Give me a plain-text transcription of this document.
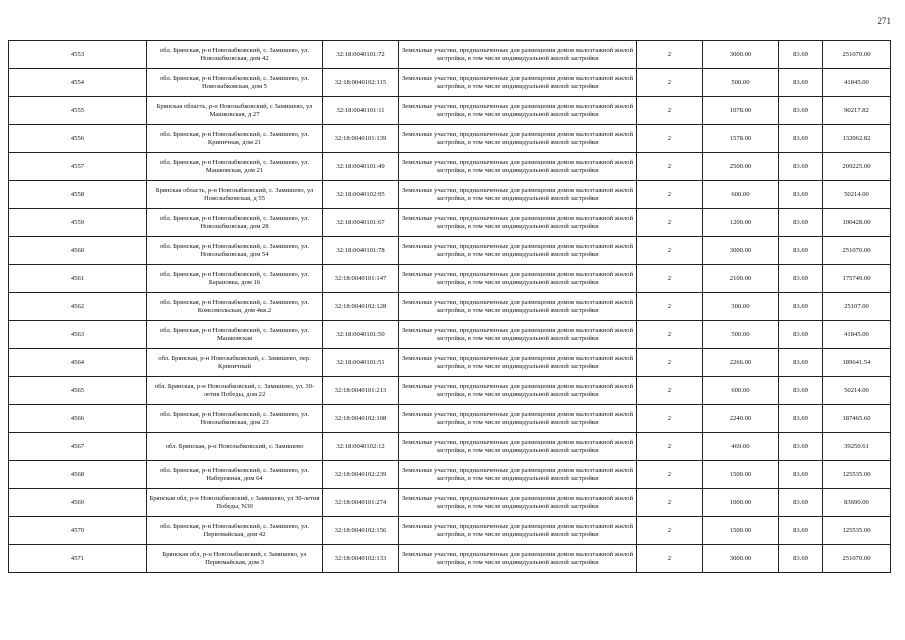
271
4553	обл. Брянская, р-н Новозыбковский, с. Замишево, ул. Новозыбковская, дом 42	32:18:0040101:72	Земельные участки, предназначенные для размещения домов малоэтажной жилой застройки, в том числе индивидуальной жилой застройки	2	3000.00	83.69	251070.00
4554	обл. Брянская, р-н Новозыбковский, с. Замишево, ул. Новозыбковская, дом 5	32:18:0040102:115	Земельные участки, предназначенные для размещения домов малоэтажной жилой застройки, в том числе индивидуальной жилой застройки	2	500.00	83.69	41845.00
4555	Брянская область, р-н Новозыбковский, с Замишево, ул Машковская, д 27	32:18:0040101:11	Земельные участки, предназначенные для размещения домов малоэтажной жилой застройки, в том числе индивидуальной жилой застройки	2	1078.00	83.69	90217.82
4556	обл. Брянская, р-н Новозыбковский, с. Замишево, ул. Криничная, дом 21	32:18:0040101:139	Земельные участки, предназначенные для размещения домов малоэтажной жилой застройки, в том числе индивидуальной жилой застройки	2	1578.00	83.69	132062.82
4557	обл. Брянская, р-н Новозыбковский, с. Замишево, ул. Машковская, дом 21	32:18:0040101:49	Земельные участки, предназначенные для размещения домов малоэтажной жилой застройки, в том числе индивидуальной жилой застройки	2	2500.00	83.69	209225.00
4558	Брянская область, р-н Новозыбковский, с. Замишево, ул Новозыбковская, д 55	32:18:0040102:95	Земельные участки, предназначенные для размещения домов малоэтажной жилой застройки, в том числе индивидуальной жилой застройки	2	600.00	83.69	50214.00
4559	обл. Брянская, р-н Новозыбковский, с. Замишево, ул. Новозыбковская, дом 28	32:18:0040101:67	Земельные участки, предназначенные для размещения домов малоэтажной жилой застройки, в том числе индивидуальной жилой застройки	2	1200.00	83.69	100428.00
4560	обл. Брянская, р-н Новозыбковский, с. Замишево, ул. Новозыбковская, дом 54	32:18:0040101:78	Земельные участки, предназначенные для размещения домов малоэтажной жилой застройки, в том числе индивидуальной жилой застройки	2	3000.00	83.69	251070.00
4561	обл. Брянская, р-н Новозыбковский, с. Замишево, ул. Барановка, дом 16	32:18:0040101:147	Земельные участки, предназначенные для размещения домов малоэтажной жилой застройки, в том числе индивидуальной жилой застройки	2	2100.00	83.69	175749.00
4562	обл. Брянская, р-н Новозыбковский, с. Замишево, ул. Комсомольская, дом 4кв.2	32:18:0040102:128	Земельные участки, предназначенные для размещения домов малоэтажной жилой застройки, в том числе индивидуальной жилой застройки	2	300.00	83.69	25107.00
4563	обл. Брянская, р-н Новозыбковский, с. Замишево, ул. Машковская	32:18:0040101:50	Земельные участки, предназначенные для размещения домов малоэтажной жилой застройки, в том числе индивидуальной жилой застройки	2	500.00	83.69	41845.00
4564	обл. Брянская, р-н Новозыбковский, с. Замишево, пер. Криничный	32:18:0040101:51	Земельные участки, предназначенные для размещения домов малоэтажной жилой застройки, в том числе индивидуальной жилой застройки	2	2266.00	83.69	189641.54
4565	обл. Брянская, р-н Новозыбковский, с. Замишево, ул. 30-летия Победы, дом 22	32:18:0040101:213	Земельные участки, предназначенные для размещения домов малоэтажной жилой застройки, в том числе индивидуальной жилой застройки	2	600.00	83.69	50214.00
4566	обл. Брянская, р-н Новозыбковский, с. Замишево, ул. Новозыбковская, дом 23	32:18:0040102:108	Земельные участки, предназначенные для размещения домов малоэтажной жилой застройки, в том числе индивидуальной жилой застройки	2	2240.00	83.69	187465.60
4567	обл. Брянская, р-н Новозыбковский, с. Замишево	32:18:0040102:12	Земельные участки, предназначенные для размещения домов малоэтажной жилой застройки, в том числе индивидуальной жилой застройки	2	469.00	83.69	39250.61
4568	обл. Брянская, р-н Новозыбковский, с. Замишево, ул. Набережная, дом 64	32:18:0040102:239	Земельные участки, предназначенные для размещения домов малоэтажной жилой застройки, в том числе индивидуальной жилой застройки	2	1500.00	83.69	125535.00
4569	Брянская обл, р-н Новозыбковский, с Замишево, ул 30-летия Победы, N30	32:18:0040101:274	Земельные участки, предназначенные для размещения домов малоэтажной жилой застройки, в том числе индивидуальной жилой застройки	2	1000.00	83.69	83690.00
4570	обл. Брянская, р-н Новозыбковский, с. Замишево, ул. Первомайская, дом 42	32:18:0040102:156	Земельные участки, предназначенные для размещения домов малоэтажной жилой застройки, в том числе индивидуальной жилой застройки	2	1500.00	83.69	125535.00
4571	Брянская обл, р-н Новозыбковский, с Замишево, ул Первомайская, дом 3	32:18:0040102:133	Земельные участки, предназначенные для размещения домов малоэтажной жилой застройки, в том числе индивидуальной жилой застройки	2	3000.00	83.69	251070.00
